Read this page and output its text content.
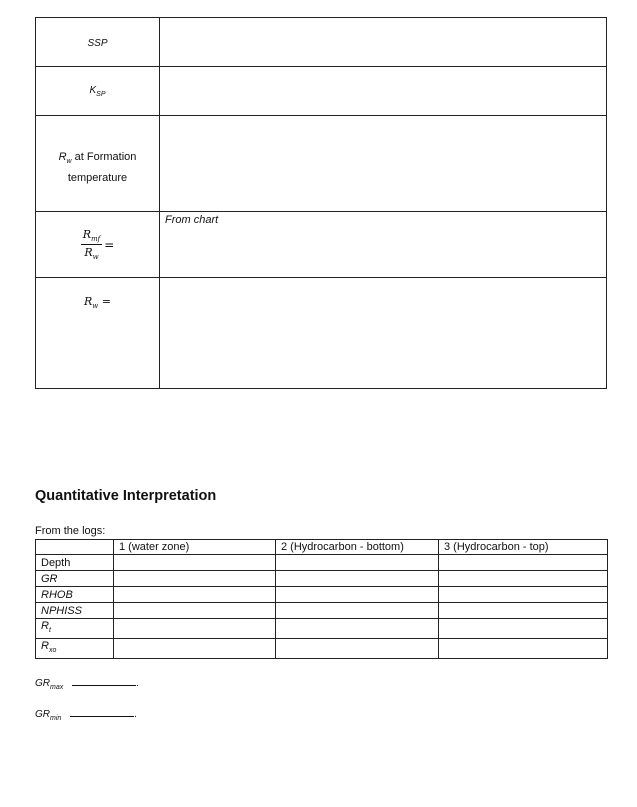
SSP	

$K_{SP}$

$R_w$ at Formation
temperature	

$\frac{R_{mf}}{R_w}$ =	From chart

$R_w$ =	

Quantitative Interpretation
From the logs:
	1 (water zone)	2 (Hydrocarbon - bottom)	3 (Hydrocarbon - top)
Depth			
GR			
RHOB			
NPHISS			
$R_t$			
$R_{xo}$			
$GR_{max}$	.
$GR_{min}$	.
